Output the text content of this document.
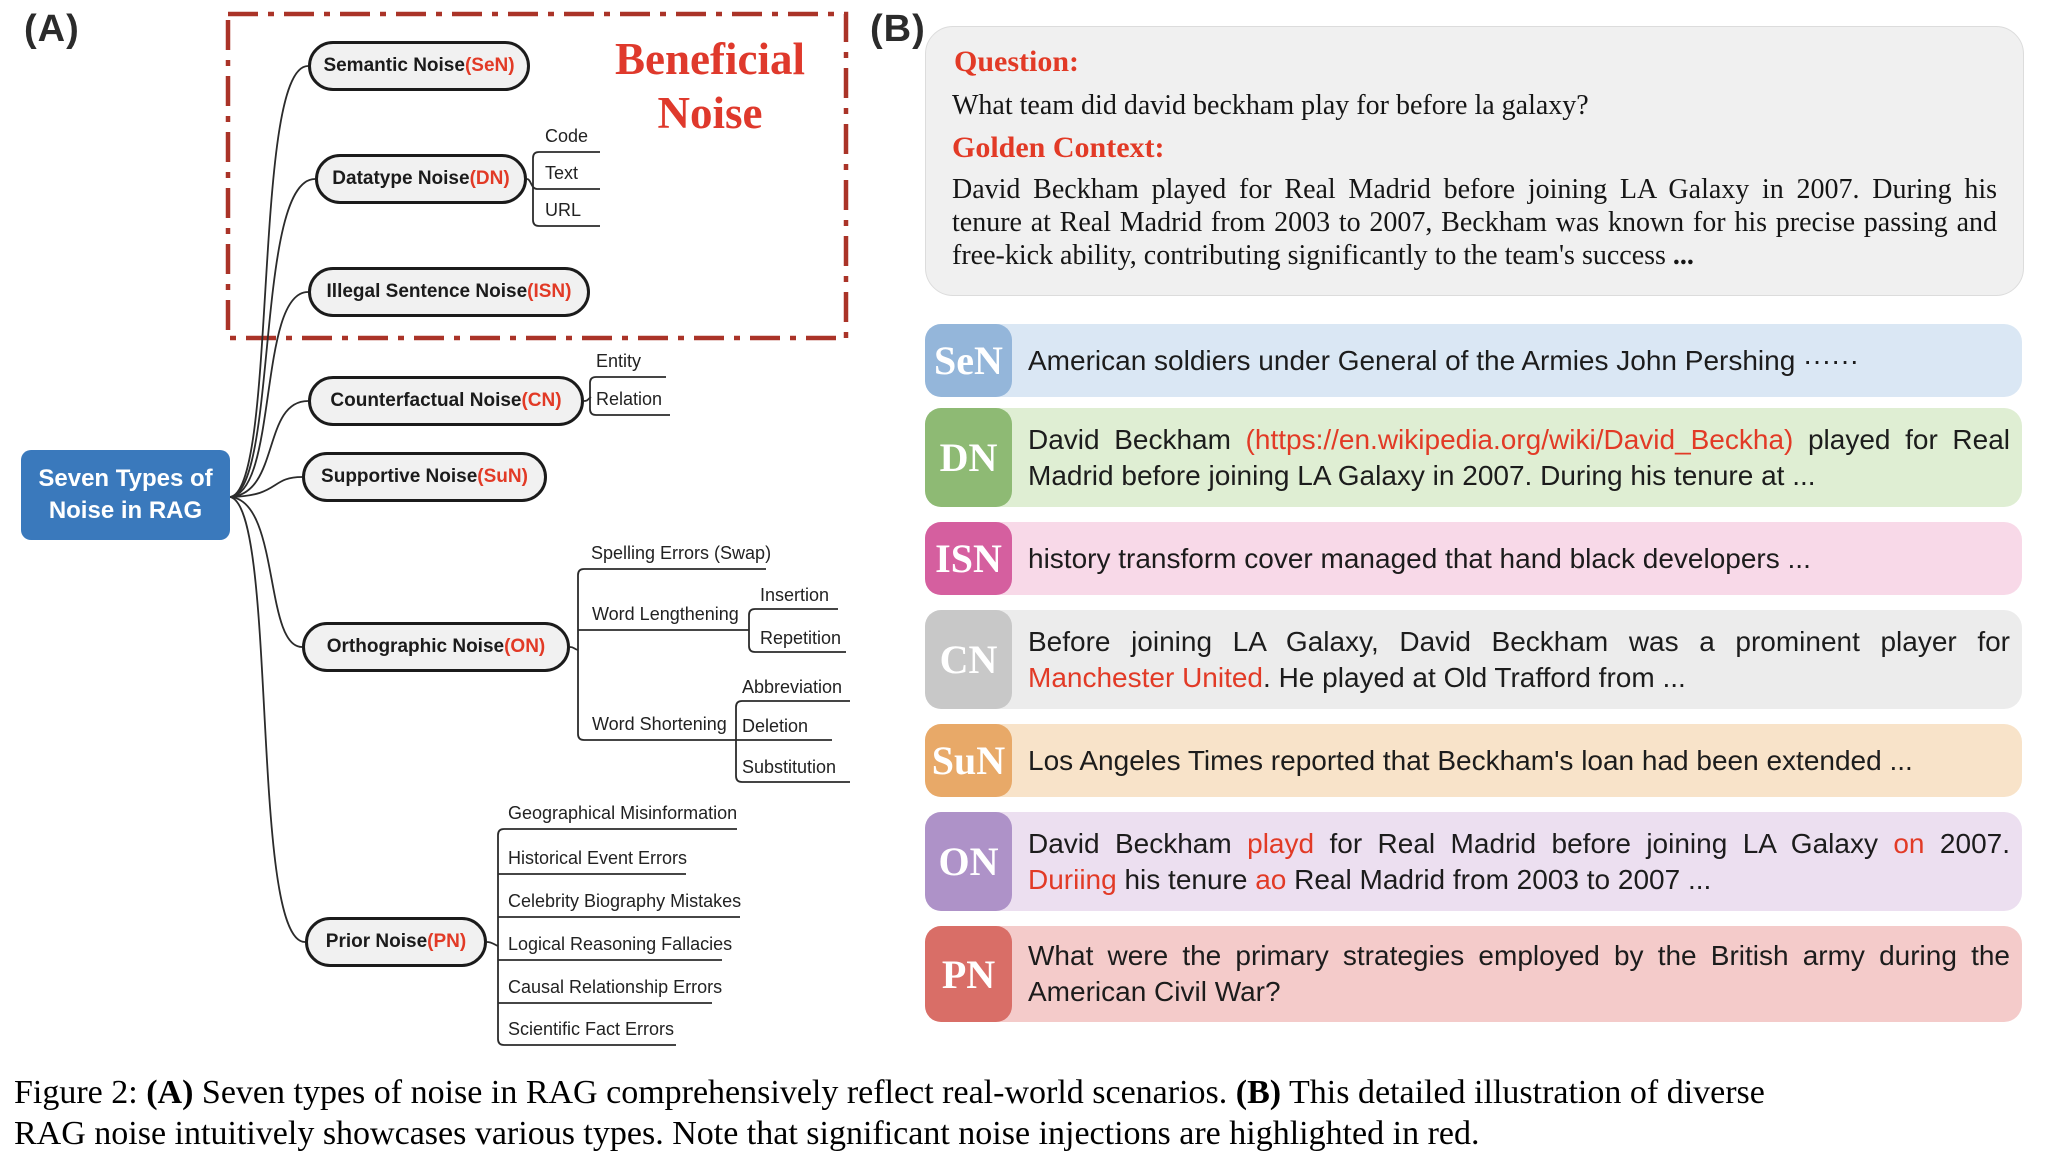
(A)
Beneficial Noise
Seven Types of
Noise in RAG
Semantic Noise (SeN)
Datatype Noise (DN)
Illegal Sentence Noise (ISN)
Counterfactual Noise (CN)
Supportive Noise (SuN)
Orthographic Noise (ON)
Prior Noise (PN)
Code
Text
URL
Entity
Relation
Spelling Errors (Swap)
Word Lengthening
Insertion
Repetition
Word Shortening
Abbreviation
Deletion
Substitution
Geographical Misinformation
Historical Event Errors
Celebrity Biography Mistakes
Logical Reasoning Fallacies
Causal Relationship Errors
Scientific Fact Errors
(B)
Question:
What team did david beckham play for before la galaxy?
Golden Context:
David Beckham played for Real Madrid before joining LA Galaxy in 2007. During his tenure at Real Madrid from 2003 to 2007, Beckham was known for his precise passing and free-kick ability, contributing significantly to the team's success ...
SeN American soldiers under General of the Armies John Pershing ······
DN	David Beckham (https://en.wikipedia.org/wiki/David_Beckha) played for Real Madrid before joining LA Galaxy in 2007. During his tenure at ...
ISN history transform cover managed that hand black developers ...
CN	Before joining LA Galaxy, David Beckham was a prominent player for Manchester United. He played at Old Trafford from ...
SuN Los Angeles Times reported that Beckham's loan had been extended ...
ON	David Beckham playd for Real Madrid before joining LA Galaxy on 2007. Duriing his tenure ao Real Madrid from 2003 to 2007 ...
PN	What were the primary strategies employed by the British army during the American Civil War?
Figure 2: (A) Seven types of noise in RAG comprehensively reflect real-world scenarios. (B) This detailed illustration of diverse
RAG noise intuitively showcases various types. Note that significant noise injections are highlighted in red.
